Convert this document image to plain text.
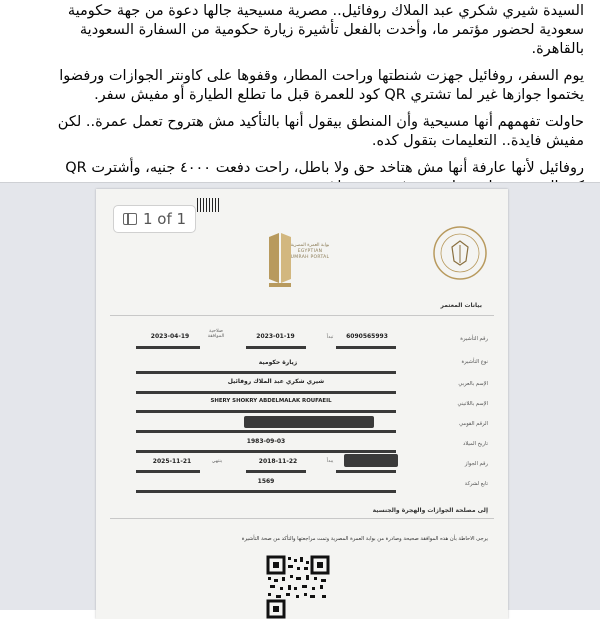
السيدة شيري شكري عبد الملاك روفائيل.. مصرية مسيحية جالها دعوة من جهة حكومية سعودية لحضور مؤتمر ما، وأخدت بالفعل تأشيرة زيارة حكومية من السفارة السعودية بالقاهرة.

يوم السفر، روفائيل جهزت شنطتها وراحت المطار، وقفوها على كاونتر الجوازات ورفضوا يختموا جوازها غير لما تشتري QR كود للعمرة قبل ما تطلع الطيارة أو مفيش سفر.

حاولت تفهمهم أنها مسيحية وأن المنطق بيقول أنها بالتأكيد مش هتروح تعمل عمرة.. لكن مفيش فايدة.. التعليمات بتقول كده.

روفائيل لأنها عارفة أنها مش هتاخد حق ولا باطل، راحت دفعت ٤٠٠٠ جنيه، وأشترت QR

1 of 1
بوابة العمرة المصرية
EGYPTIAN
UMRAH PORTAL
بيانات المعتمر
رقم التأشيرة
6090565993
تبدأ
2023-01-19
صلاحية الموافقة
2023-04-19
نوع التأشيرة
زيارة حكومية
الإسم بالعربي
شيري شكري عبد الملاك روفائيل
الإسم باللاتيني
SHERY SHOKRY ABDELMALAK ROUFAEIL
الرقم القومي
تاريخ الميلاد
1983-09-03
رقم الجواز
يبدأ
2018-11-22
ينتهي
2025-11-21
تابع لشركة
1569
إلى مصلحة الجوازات والهجرة والجنسية
يرجى الاحاطة بأن هذه الموافقة صحيحة وصادرة من بوابة العمرة المصرية وتمت مراجعتها والتأكد من صحة التأشيرة
